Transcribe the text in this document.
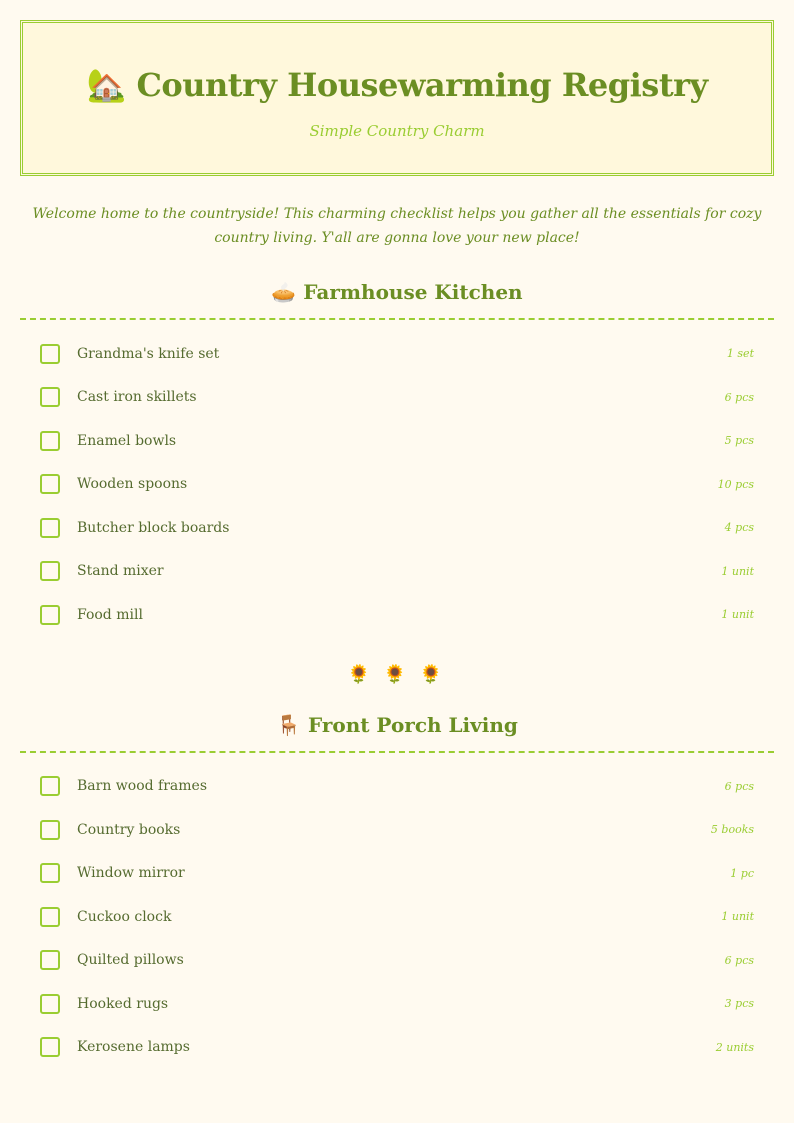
🏡 Country Housewarming Registry
Simple Country Charm

Welcome home to the countryside! This charming checklist helps you gather all the essentials for cozy country living. Y'all are gonna love your new place!

🥧 Farmhouse Kitchen
Grandma's knife set	1 set
Cast iron skillets	6 pcs
Enamel bowls	5 pcs
Wooden spoons	10 pcs
Butcher block boards	4 pcs
Stand mixer	1 unit
Food mill	1 unit
🌻 🌻 🌻
🪑 Front Porch Living
Barn wood frames	6 pcs
Country books	5 books
Window mirror	1 pc
Cuckoo clock	1 unit
Quilted pillows	6 pcs
Hooked rugs	3 pcs
Kerosene lamps	2 units
